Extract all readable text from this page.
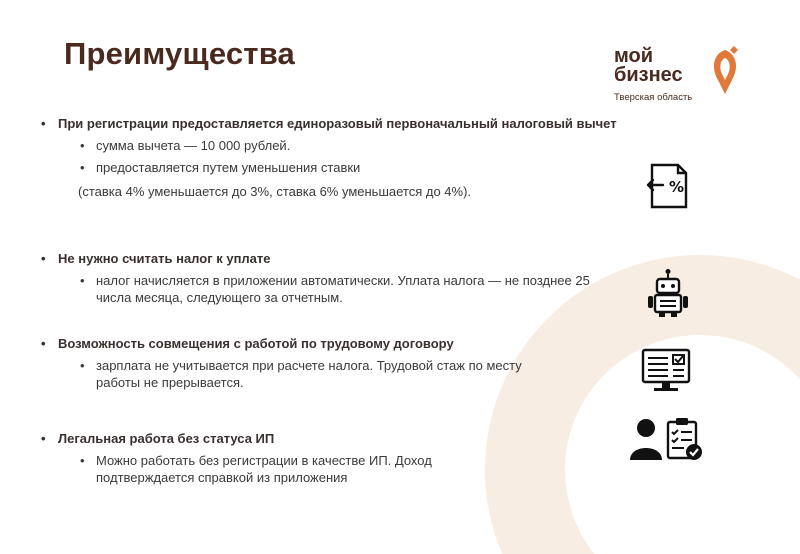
Преимущества	мой
бизнес
Тверская область
• При регистрации предоставляется единоразовый первоначальный налоговый вычет
• сумма вычета — 10 000 рублей.
• предоставляется путем уменьшения ставки
(ставка 4% уменьшается до 3%, ставка 6% уменьшается до 4%).
• Не нужно считать налог к уплате
• налог начисляется в приложении автоматически. Уплата налога — не позднее 25 числа месяца, следующего за отчетным.
• Возможность совмещения с работой по трудовому договору
• зарплата не учитывается при расчете налога. Трудовой стаж по месту работы не прерывается.
• Легальная работа без статуса ИП
• Можно работать без регистрации в качестве ИП. Доход подтверждается справкой из приложения
%
